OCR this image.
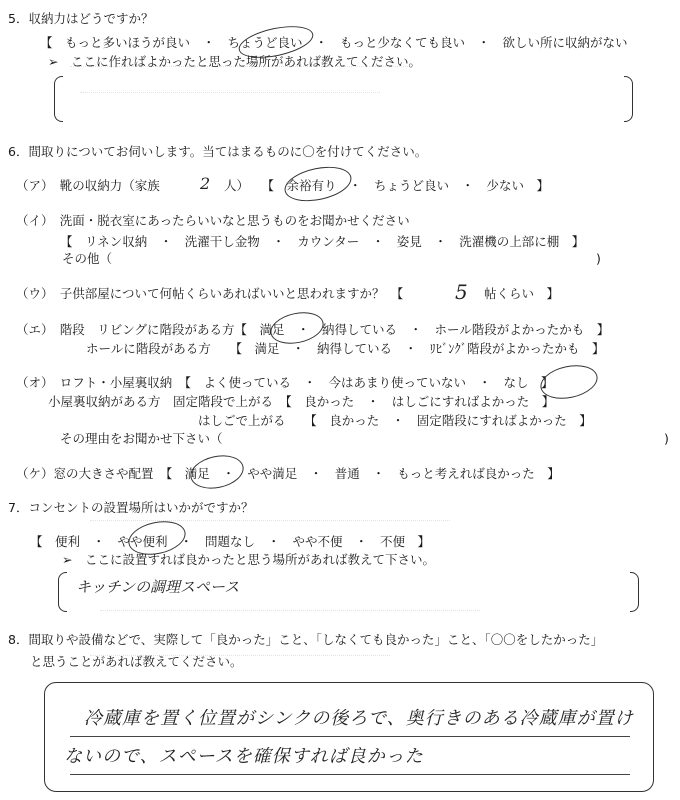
5．収納力はどうですか？
【　もっと多いほうが良い　・　ちょうど良い　・　もっと少なくても良い　・　欲しい所に収納がない
➢　ここに作ればよかったと思った場所があれば教えてください。
6．間取りについてお伺いします。当てはまるものに〇を付けてください。
（ア）　靴の収納力（家族	2 人）　　【　余裕有り　・　ちょうど良い　・　少ない　】
（イ）　洗面・脱衣室にあったらいいなと思うものをお聞かせください
【　リネン収納　・　洗濯干し金物　・　カウンター　・　姿見　・　洗濯機の上部に棚　】
その他（	)
（ウ）　子供部屋について何帖くらいあればいいと思われますか？　【	5 帖くらい　】
（エ）　階段　リビングに階段がある方【　満足　・　納得している　・　ホール階段がよかったかも　】
ホールに階段がある方　　【　満足　・　納得している　・　ﾘﾋﾞﾝｸﾞ階段がよかったかも　】
（オ）　ロフト・小屋裏収納　【　よく使っている　・　今はあまり使っていない　・　なし　】
小屋裏収納がある方　固定階段で上がる　【　良かった　・　はしごにすればよかった　】
はしごで上がる　　【　良かった　・　固定階段にすればよかった　】
その理由をお聞かせ下さい（	)
（ケ）窓の大きさや配置　【　満足　・　やや満足　・　普通　・　もっと考えれば良かった　】
7．コンセントの設置場所はいかがですか？
【　便利　・　やや便利　・　問題なし　・　やや不便　・　不便　】
➢　ここに設置すれば良かったと思う場所があれば教えて下さい。
キッチンの調理スペース
8．間取りや設備などで、実際して「良かった」こと、「しなくても良かった」こと、「〇〇をしたかった」
と思うことがあれば教えてください。
冷蔵庫を置く位置がシンクの後ろで、奥行きのある冷蔵庫が置け
ないので、スペースを確保すれば良かった
